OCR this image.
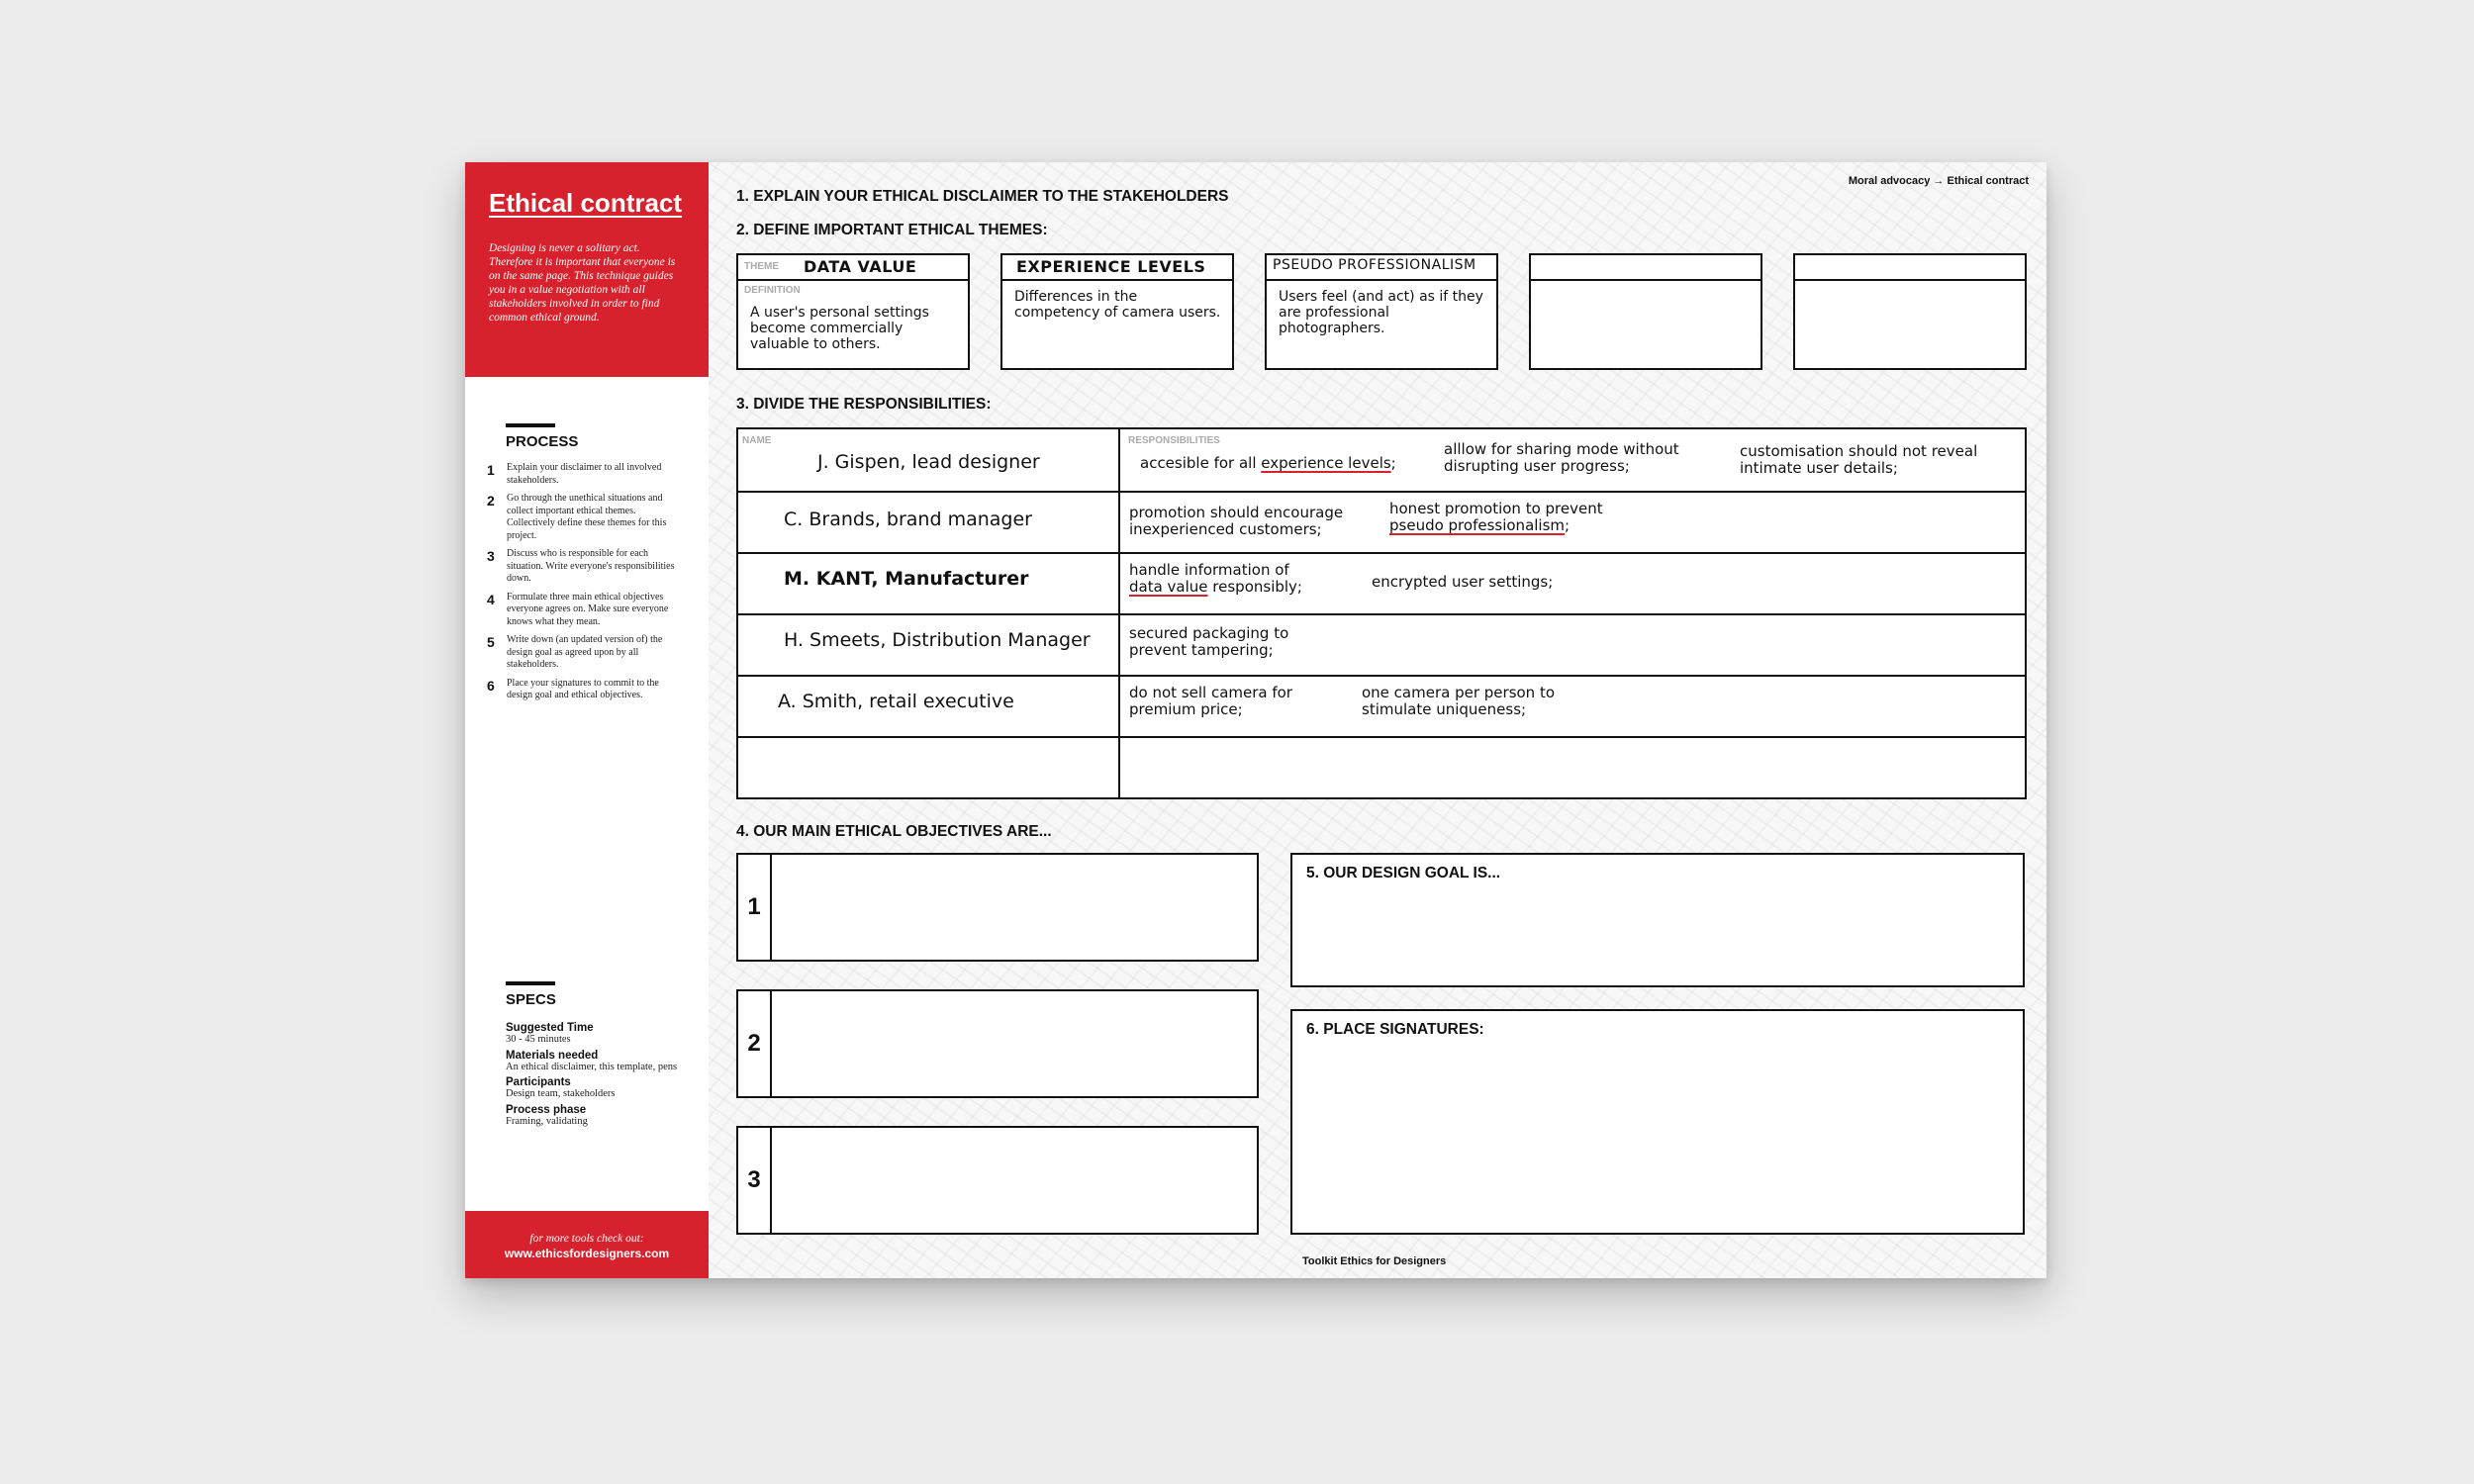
Ethical contract
Designing is never a solitary act. Therefore it is important that everyone is on the same page. This technique guides you in a value negotiation with all stakeholders involved in order to find common ethical ground.
PROCESS
1	Explain your disclaimer to all involved stakeholders.
2	Go through the unethical situations and collect important ethical themes. Collectively define these themes for this project.
3	Discuss who is responsible for each situation. Write everyone's responsibilities down.
4	Formulate three main ethical objectives everyone agrees on. Make sure everyone knows what they mean.
5	Write down (an updated version of) the design goal as agreed upon by all stakeholders.
6	Place your signatures to commit to the design goal and ethical objectives.
SPECS
Suggested Time
30 - 45 minutes
Materials needed
An ethical disclaimer, this template, pens
Participants
Design team, stakeholders
Process phase
Framing, validating
for more tools check out:
www.ethicsfordesigners.com
Moral advocacy → Ethical contract
1. EXPLAIN YOUR ETHICAL DISCLAIMER TO THE STAKEHOLDERS
2. DEFINE IMPORTANT ETHICAL THEMES:
THEME DATA VALUE
DEFINITION
A user's personal settings become commercially valuable to others.
EXPERIENCE LEVELS
Differences in the competency of camera users.
PSEUDO PROFESSIONALISM
Users feel (and act) as if they are professional photographers.
3. DIVIDE THE RESPONSIBILITIES:
NAME	RESPONSIBILITIES
J. Gispen, lead designer	accesible for all experience levels;
alllow for sharing mode without
disrupting user progress;
customisation should not reveal
intimate user details;
C. Brands, brand manager	promotion should encourage
inexperienced customers;
honest promotion to prevent
pseudo professionalism;
M. KANT, Manufacturer	handle information of
data value responsibly;	encrypted user settings;
H. Smeets, Distribution Manager	secured packaging to
prevent tampering;
A. Smith, retail executive	do not sell camera for
premium price;
one camera per person to
stimulate uniqueness;
4. OUR MAIN ETHICAL OBJECTIVES ARE...
1
2
3
5. OUR DESIGN GOAL IS...
6. PLACE SIGNATURES:
Toolkit Ethics for Designers
